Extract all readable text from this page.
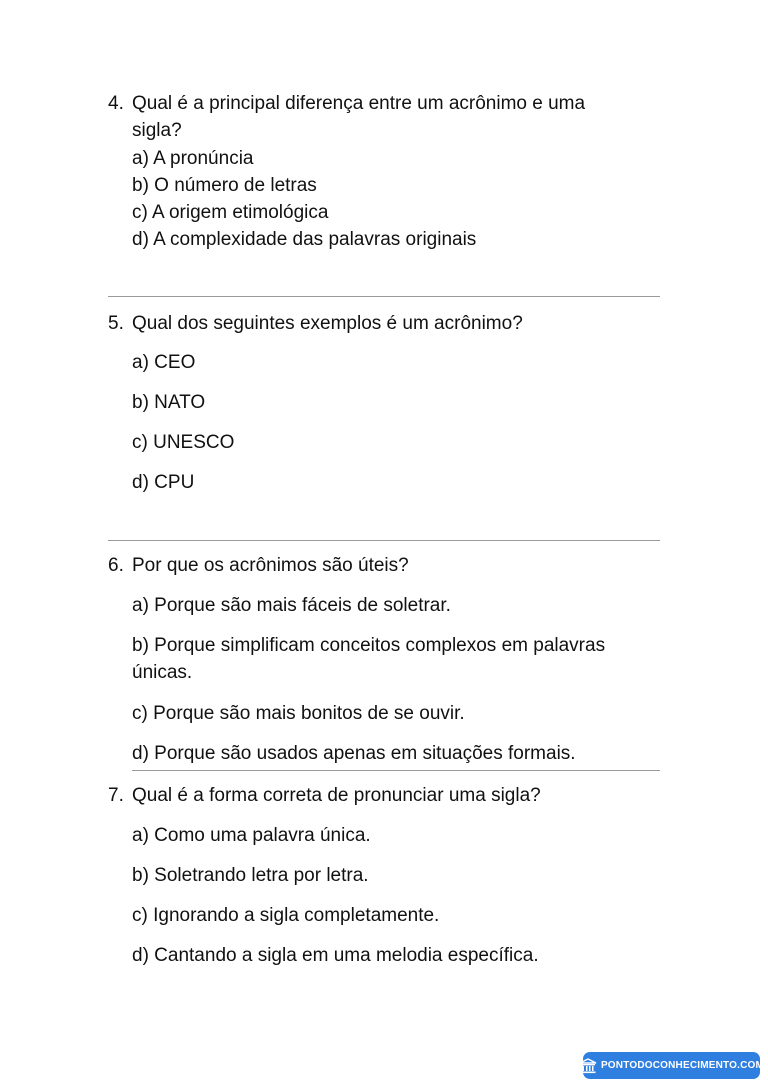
4. Qual é a principal diferença entre um acrônimo e uma
sigla?
a) A pronúncia
b) O número de letras
c) A origem etimológica
d) A complexidade das palavras originais
5. Qual dos seguintes exemplos é um acrônimo?
a) CEO
b) NATO
c) UNESCO
d) CPU
6. Por que os acrônimos são úteis?
a) Porque são mais fáceis de soletrar.
b) Porque simplificam conceitos complexos em palavras
únicas.
c) Porque são mais bonitos de se ouvir.
d) Porque são usados apenas em situações formais.
7. Qual é a forma correta de pronunciar uma sigla?
a) Como uma palavra única.
b) Soletrando letra por letra.
c) Ignorando a sigla completamente.
d) Cantando a sigla em uma melodia específica.
PONTODOCONHECIMENTO.COM
